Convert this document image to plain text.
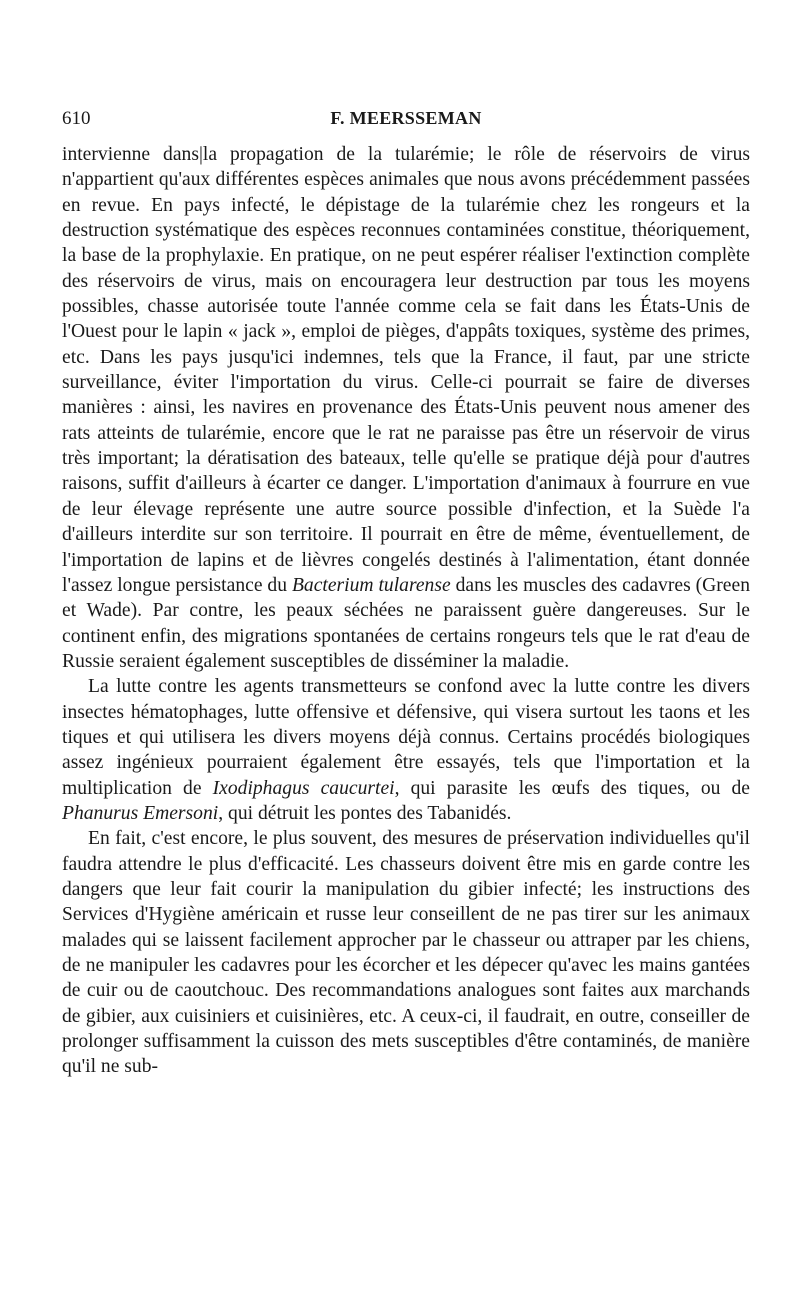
610	F. MEERSSEMAN

intervienne dans|la propagation de la tularémie; le rôle de réservoirs de virus n'appartient qu'aux différentes espèces animales que nous avons précédemment passées en revue. En pays infecté, le dépistage de la tularémie chez les rongeurs et la destruction systématique des espèces reconnues contaminées constitue, théoriquement, la base de la prophylaxie. En pratique, on ne peut espérer réaliser l'extinction complète des réservoirs de virus, mais on encouragera leur destruction par tous les moyens possibles, chasse autorisée toute l'année comme cela se fait dans les États-Unis de l'Ouest pour le lapin « jack », emploi de pièges, d'appâts toxiques, système des primes, etc. Dans les pays jusqu'ici indemnes, tels que la France, il faut, par une stricte surveillance, éviter l'importation du virus. Celle-ci pourrait se faire de diverses manières : ainsi, les navires en provenance des États-Unis peuvent nous amener des rats atteints de tularémie, encore que le rat ne paraisse pas être un réservoir de virus très important; la dératisation des bateaux, telle qu'elle se pratique déjà pour d'autres raisons, suffit d'ailleurs à écarter ce danger. L'importation d'animaux à fourrure en vue de leur élevage représente une autre source possible d'infection, et la Suède l'a d'ailleurs interdite sur son territoire. Il pourrait en être de même, éventuellement, de l'importation de lapins et de lièvres congelés destinés à l'alimentation, étant donnée l'assez longue persistance du Bacterium tularense dans les muscles des cadavres (Green et Wade). Par contre, les peaux séchées ne paraissent guère dangereuses. Sur le continent enfin, des migrations spontanées de certains rongeurs tels que le rat d'eau de Russie seraient également susceptibles de disséminer la maladie.

La lutte contre les agents transmetteurs se confond avec la lutte contre les divers insectes hématophages, lutte offensive et défensive, qui visera surtout les taons et les tiques et qui utilisera les divers moyens déjà connus. Certains procédés biologiques assez ingénieux pourraient également être essayés, tels que l'importation et la multiplication de Ixodiphagus caucurtei, qui parasite les œufs des tiques, ou de Phanurus Emersoni, qui détruit les pontes des Tabanidés.

En fait, c'est encore, le plus souvent, des mesures de préservation individuelles qu'il faudra attendre le plus d'efficacité. Les chasseurs doivent être mis en garde contre les dangers que leur fait courir la manipulation du gibier infecté; les instructions des Services d'Hygiène américain et russe leur conseillent de ne pas tirer sur les animaux malades qui se laissent facilement approcher par le chasseur ou attraper par les chiens, de ne manipuler les cadavres pour les écorcher et les dépecer qu'avec les mains gantées de cuir ou de caoutchouc. Des recommandations analogues sont faites aux marchands de gibier, aux cuisiniers et cuisinières, etc. A ceux-ci, il faudrait, en outre, conseiller de prolonger suffisamment la cuisson des mets susceptibles d'être contaminés, de manière qu'il ne sub-
